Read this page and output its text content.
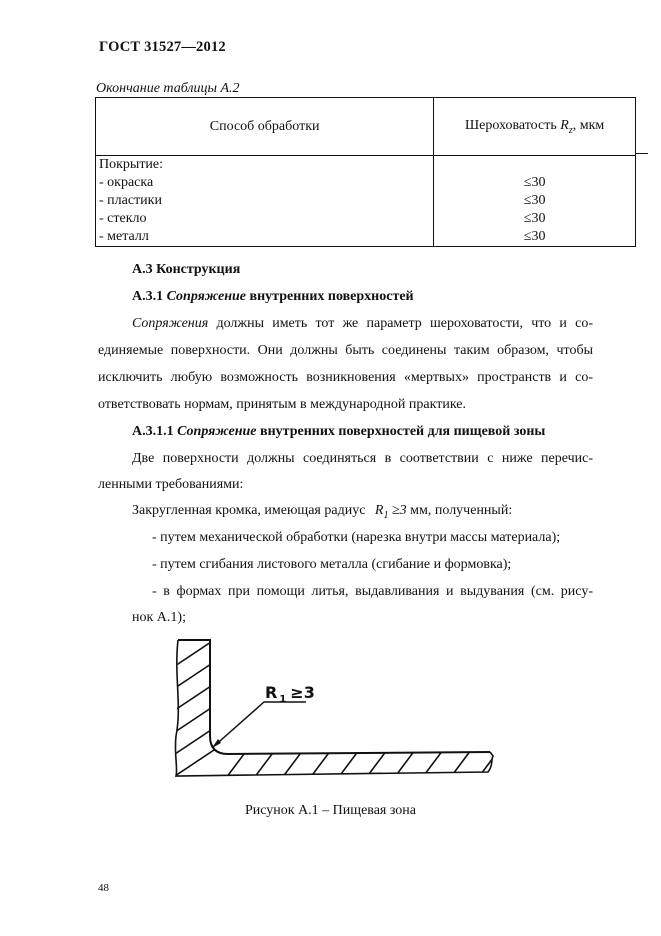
ГОСТ 31527—2012
Окончание таблицы А.2
Способ обработки	Шероховатость $R_z$, мкм
Покрытие:	
- окраска	≤30
- пластики	≤30
- стекло	≤30
- металл	≤30
А.3 Конструкция
А.3.1 Сопряжение внутренних поверхностей
Сопряжения должны иметь тот же параметр шероховатости, что и со-
единяемые поверхности. Они должны быть соединены таким образом, чтобы
исключить любую возможность возникновения «мертвых» пространств и со-
ответствовать нормам, принятым в международной практике.
А.3.1.1 Сопряжение внутренних поверхностей для пищевой зоны
Две поверхности должны соединяться в соответствии с ниже перечис-
ленными требованиями:
Закругленная кромка, имеющая радиус $R_1 \ge 3$ мм, полученный:
- путем механической обработки (нарезка внутри массы материала);
- путем сгибания листового металла (сгибание и формовка);
- в формах при помощи литья, выдавливания и выдувания (см. рису-
нок А.1);
R $_1$ ≥3
Рисунок А.1 – Пищевая зона
48
